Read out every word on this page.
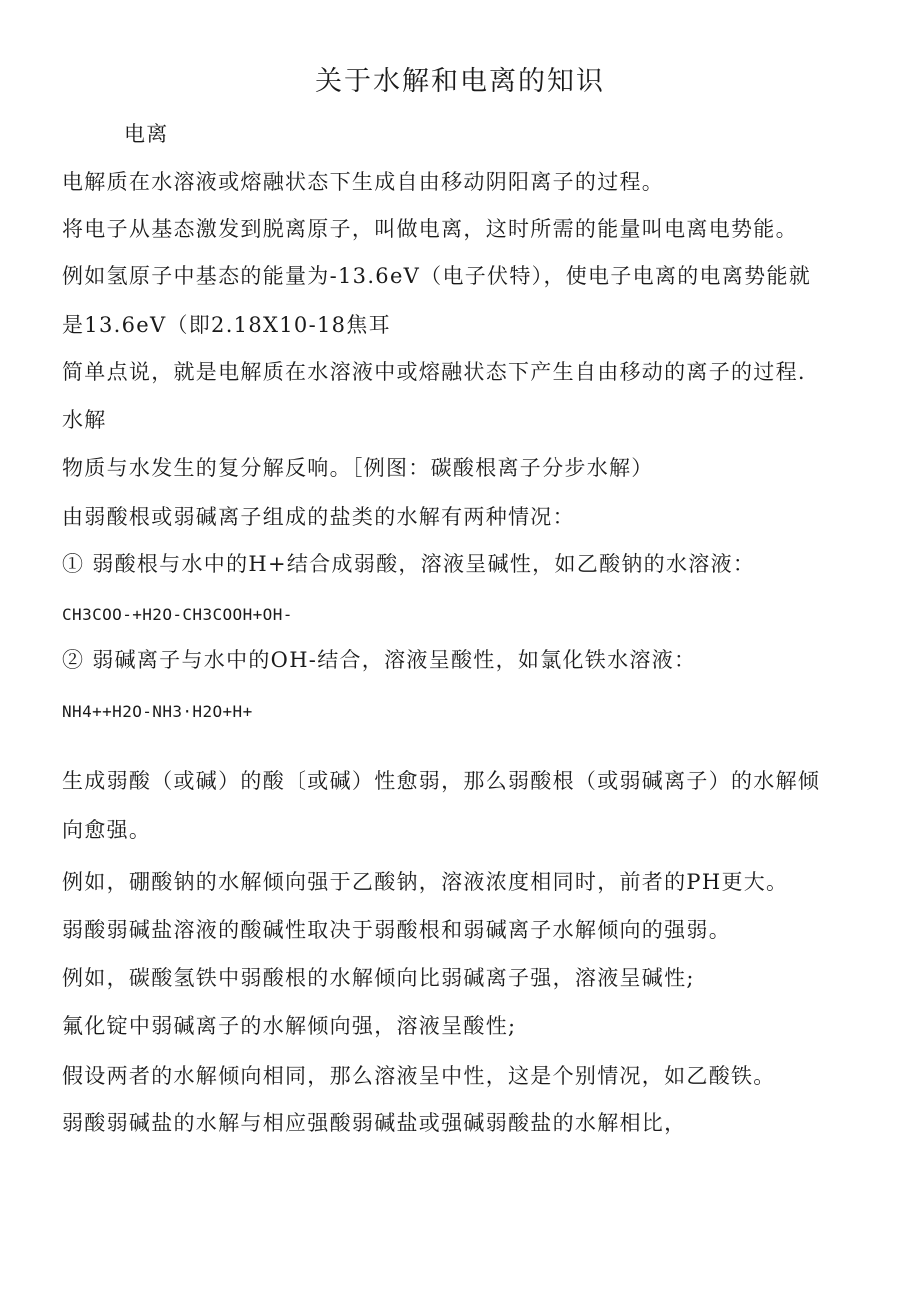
关于水解和电离的知识
电离
电解质在水溶液或熔融状态下生成自由移动阴阳离子的过程。
将电子从基态激发到脱离原子，叫做电离，这时所需的能量叫电离电势能。
例如氢原子中基态的能量为-13.6eV（电子伏特），使电子电离的电离势能就
是13.6eV（即2.18X10-18焦耳
简单点说，就是电解质在水溶液中或熔融状态下产生自由移动的离子的过程.
水解
物质与水发生的复分解反响。［例图：碳酸根离子分步水解）
由弱酸根或弱碱离子组成的盐类的水解有两种情况：
① 弱酸根与水中的H+结合成弱酸，溶液呈碱性，如乙酸钠的水溶液：
CH3COO-+H2O-CH3COOH+OH-
② 弱碱离子与水中的OH-结合，溶液呈酸性，如氯化铁水溶液：
NH4++H2O-NH3·H2O+H+
生成弱酸（或碱）的酸〔或碱）性愈弱，那么弱酸根（或弱碱离子）的水解倾
向愈强。
例如，硼酸钠的水解倾向强于乙酸钠，溶液浓度相同时，前者的PH更大。
弱酸弱碱盐溶液的酸碱性取决于弱酸根和弱碱离子水解倾向的强弱。
例如，碳酸氢铁中弱酸根的水解倾向比弱碱离子强，溶液呈碱性;
氟化锭中弱碱离子的水解倾向强，溶液呈酸性;
假设两者的水解倾向相同，那么溶液呈中性，这是个别情况，如乙酸铁。
弱酸弱碱盐的水解与相应强酸弱碱盐或强碱弱酸盐的水解相比，
